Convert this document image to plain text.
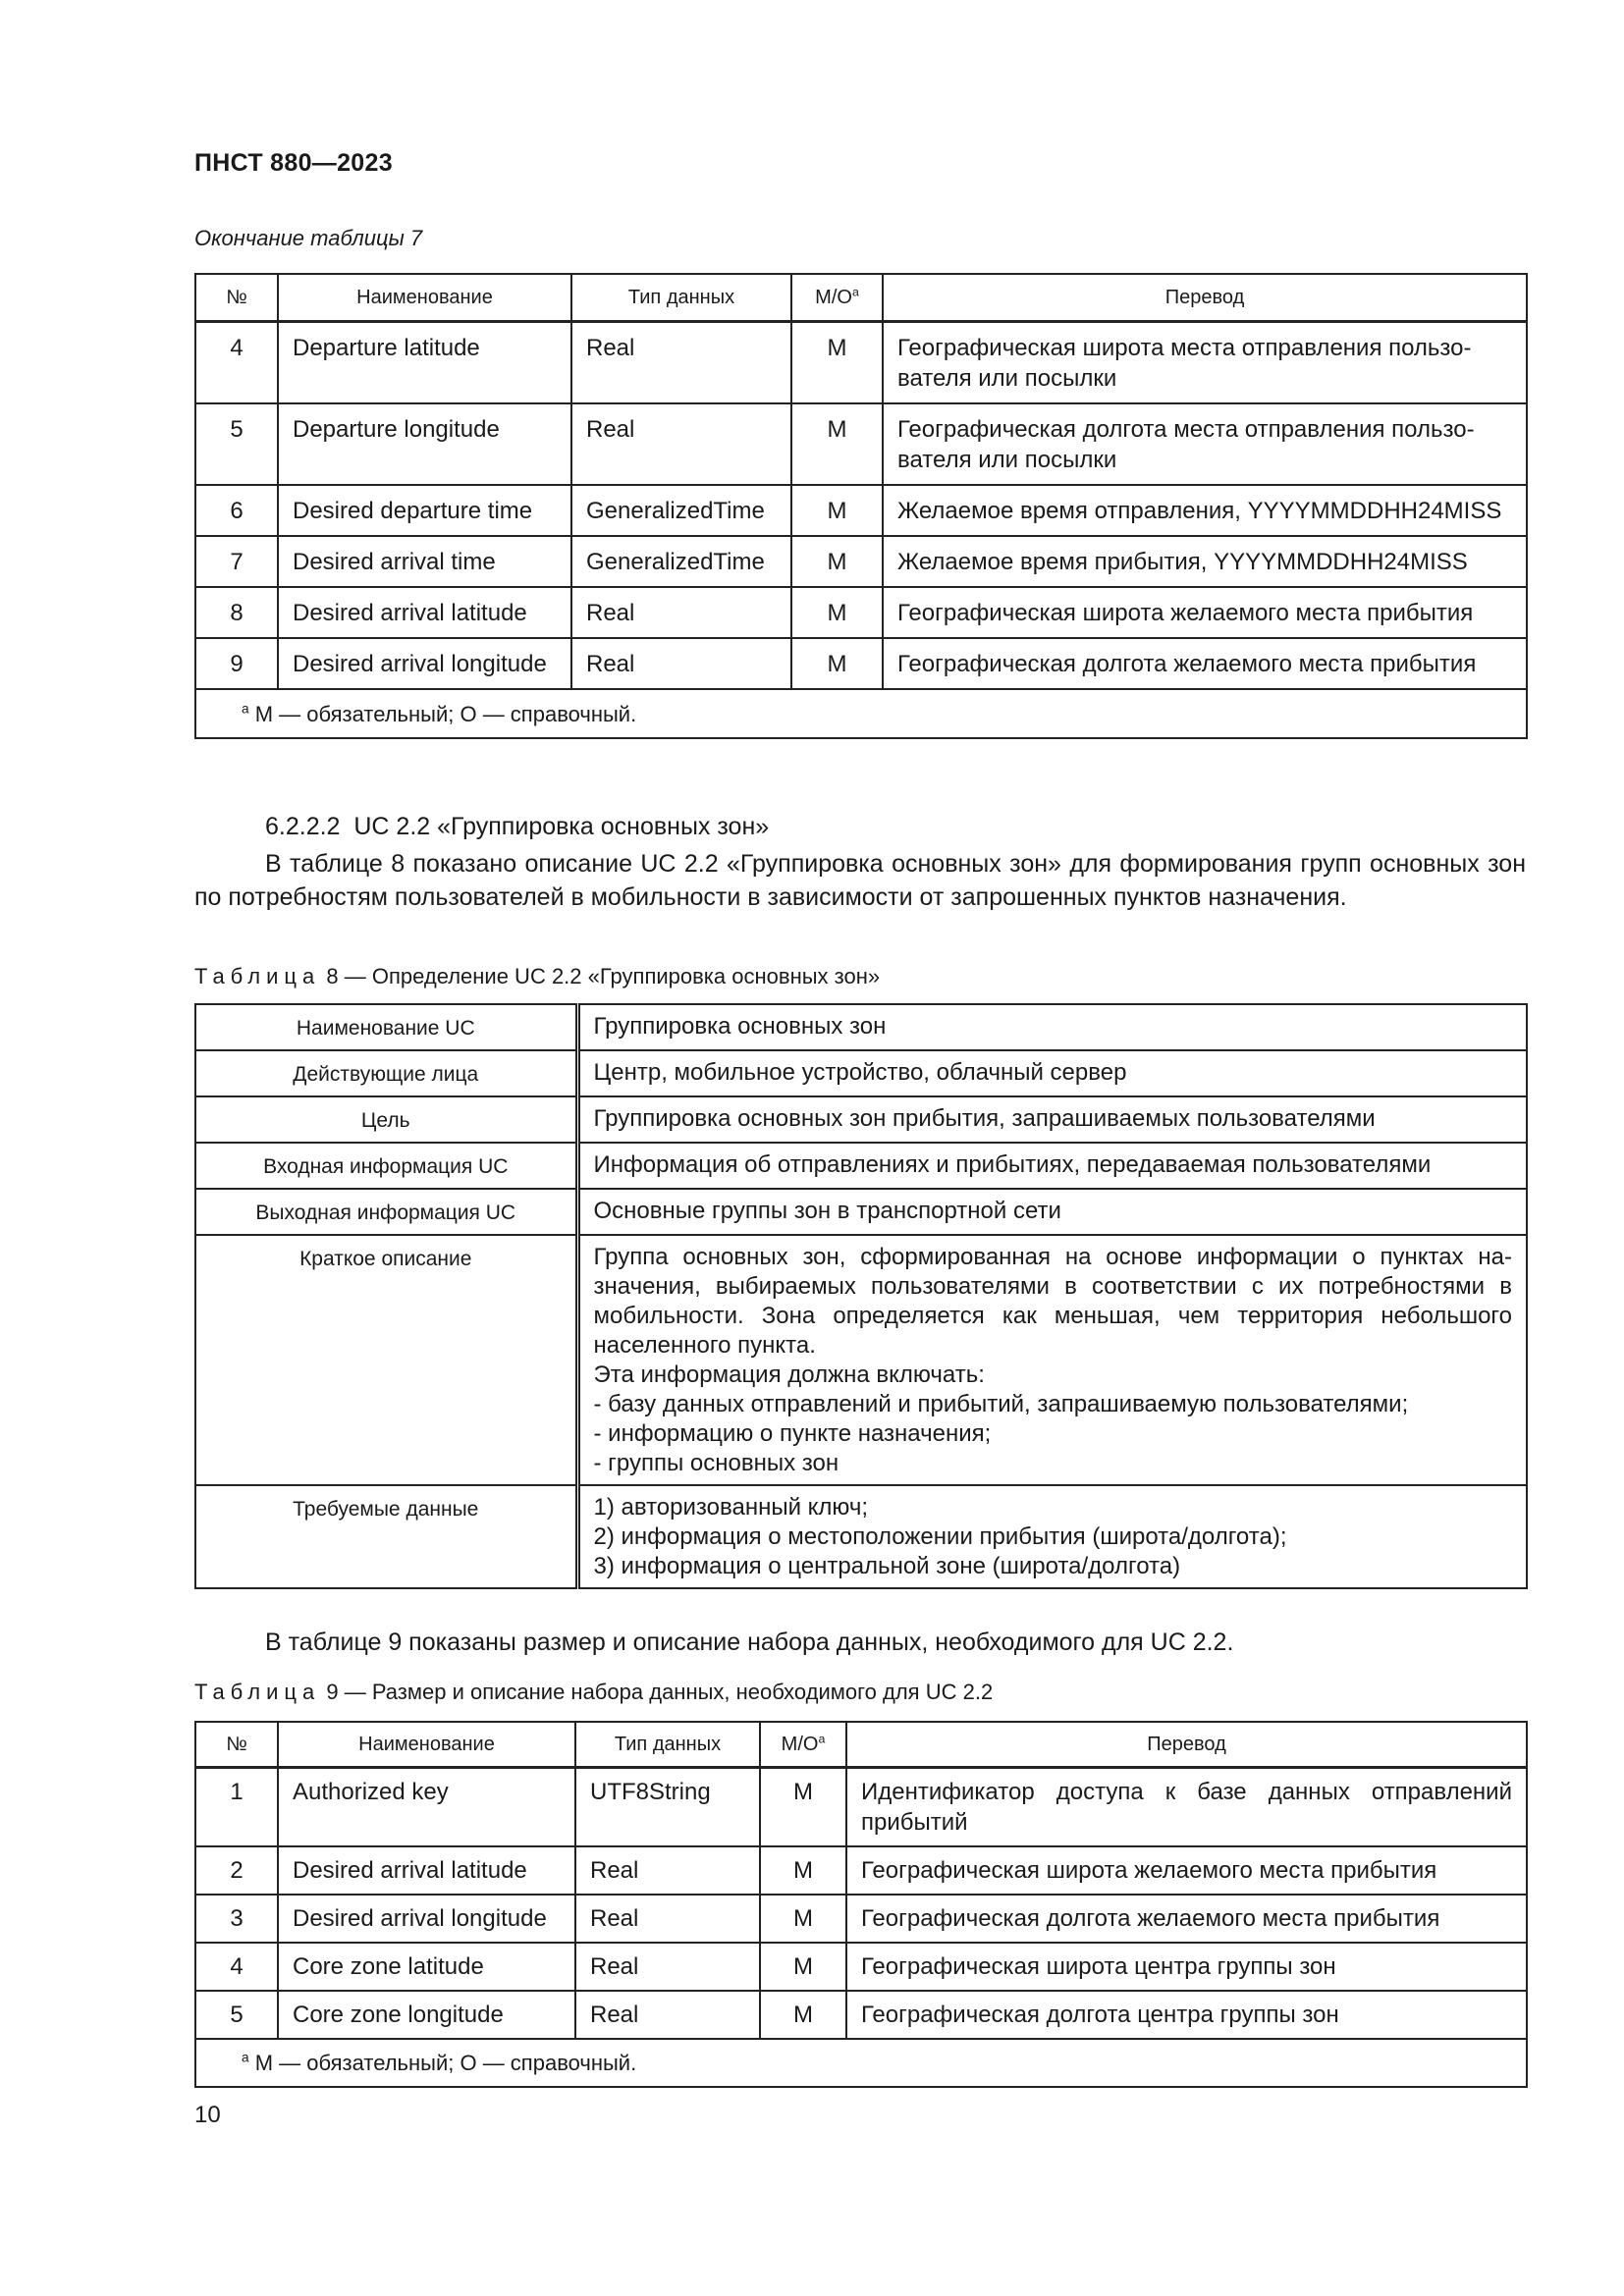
ПНСТ 880—2023
Окончание таблицы 7
№	Наименование	Тип данных	$M/O^a$	Перевод
4	Departure latitude	Real	M	Географическая широта места отправления пользо-вателя или посылки
5	Departure longitude	Real	M	Географическая долгота места отправления пользо-вателя или посылки
6	Desired departure time	GeneralizedTime	M	Желаемое время отправления, YYYYMMDDHH24MISS
7	Desired arrival time	GeneralizedTime	M	Желаемое время прибытия, YYYYMMDDHH24MISS
8	Desired arrival latitude	Real	M	Географическая широта желаемого места прибытия
9	Desired arrival longitude	Real	M	Географическая долгота желаемого места прибытия
$^a$ М — обязательный; О — справочный.				
6.2.2.2 UC 2.2 «Группировка основных зон»
В таблице 8 показано описание UC 2.2 «Группировка основных зон» для формирования групп основных зон по потребностям пользователей в мобильности в зависимости от запрошенных пунктов назначения.
Таблица 8 — Определение UC 2.2 «Группировка основных зон»
Наименование UC	Группировка основных зон
Действующие лица	Центр, мобильное устройство, облачный сервер
Цель	Группировка основных зон прибытия, запрашиваемых пользователями
Входная информация UC	Информация об отправлениях и прибытиях, передаваемая пользователями
Выходная информация UC	Основные группы зон в транспортной сети
Краткое описание	Группа основных зон, сформированная на основе информации о пунктах на-значения, выбираемых пользователями в соответствии с их потребностями в мобильности. Зона определяется как меньшая, чем территория небольшого населенного пункта.
Эта информация должна включать:
- базу данных отправлений и прибытий, запрашиваемую пользователями;
- информацию о пункте назначения;
- группы основных зон

Требуемые данные	1) авторизованный ключ;
2) информация о местоположении прибытия (широта/долгота);
3) информация о центральной зоне (широта/долгота)
В таблице 9 показаны размер и описание набора данных, необходимого для UC 2.2.
Таблица 9 — Размер и описание набора данных, необходимого для UC 2.2
№	Наименование	Тип данных	$M/O^a$	Перевод
1	Authorized key	UTF8String	M	Идентификатор доступа к базе данных отправлений прибытий
2	Desired arrival latitude	Real	M	Географическая широта желаемого места прибытия
3	Desired arrival longitude	Real	M	Географическая долгота желаемого места прибытия
4	Core zone latitude	Real	M	Географическая широта центра группы зон
5	Core zone longitude	Real	M	Географическая долгота центра группы зон
$^a$ М — обязательный; О — справочный.				
10
